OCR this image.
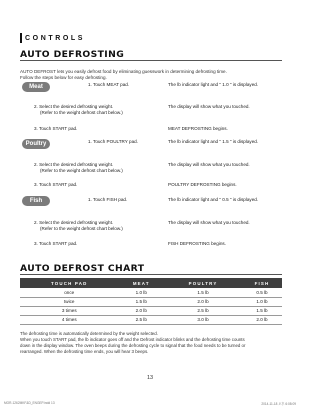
CONTROLS
AUTO DEFROSTING
AUTO DEFROST lets you easily defrost food by eliminating guesswork in determining defrosting time.
Follow the steps below for easy defrosting.
Meat	1. Touch MEAT pad.	The lb indicator light and " 1.0 " is displayed.
2. Select the desired defrosting weight.
(Refer to the weight defrost chart below.)
The display will show what you touched.
3. Touch START pad.	MEAT DEFROSTING begins.
Poultry	1. Touch POULTRY pad.	The lb indicator light and " 1.5 " is displayed.
2. Select the desired defrosting weight.
(Refer to the weight defrost chart below.)
The display will show what you touched.
3. Touch START pad.	POULTRY DEFROSTING begins.
Fish	1. Touch FISH pad.	The lb indicator light and " 0.5 " is displayed.
2. Select the desired defrosting weight.
(Refer to the weight defrost chart below.)
The display will show what you touched.
3. Touch START pad.	FISH DEFROSTING begins.
AUTO DEFROST CHART
TOUCH PAD	MEAT	POULTRY	FISH
once	1.0 lb	1.5 lb	0.5 lb
twice	1.5 lb	2.0 lb	1.0 lb
3 times	2.0 lb	2.5 lb	1.5 lb
4 times	2.5 lb	3.0 lb	2.0 lb
The defrosting time is automatically determined by the weight selected.
When you touch START pad, the lb indicator goes off and the Defrost indicator blinks and the defrosting time counts
down in the display window. The oven beeps during the defrosting cycle to signal that the food needs to be turned or
rearranged. When the defrosting time ends, you will hear 3 beeps.
13
MOR-1262MKF&D_ENGEP.indd 13	2014-11-18 오후 6:08:09
